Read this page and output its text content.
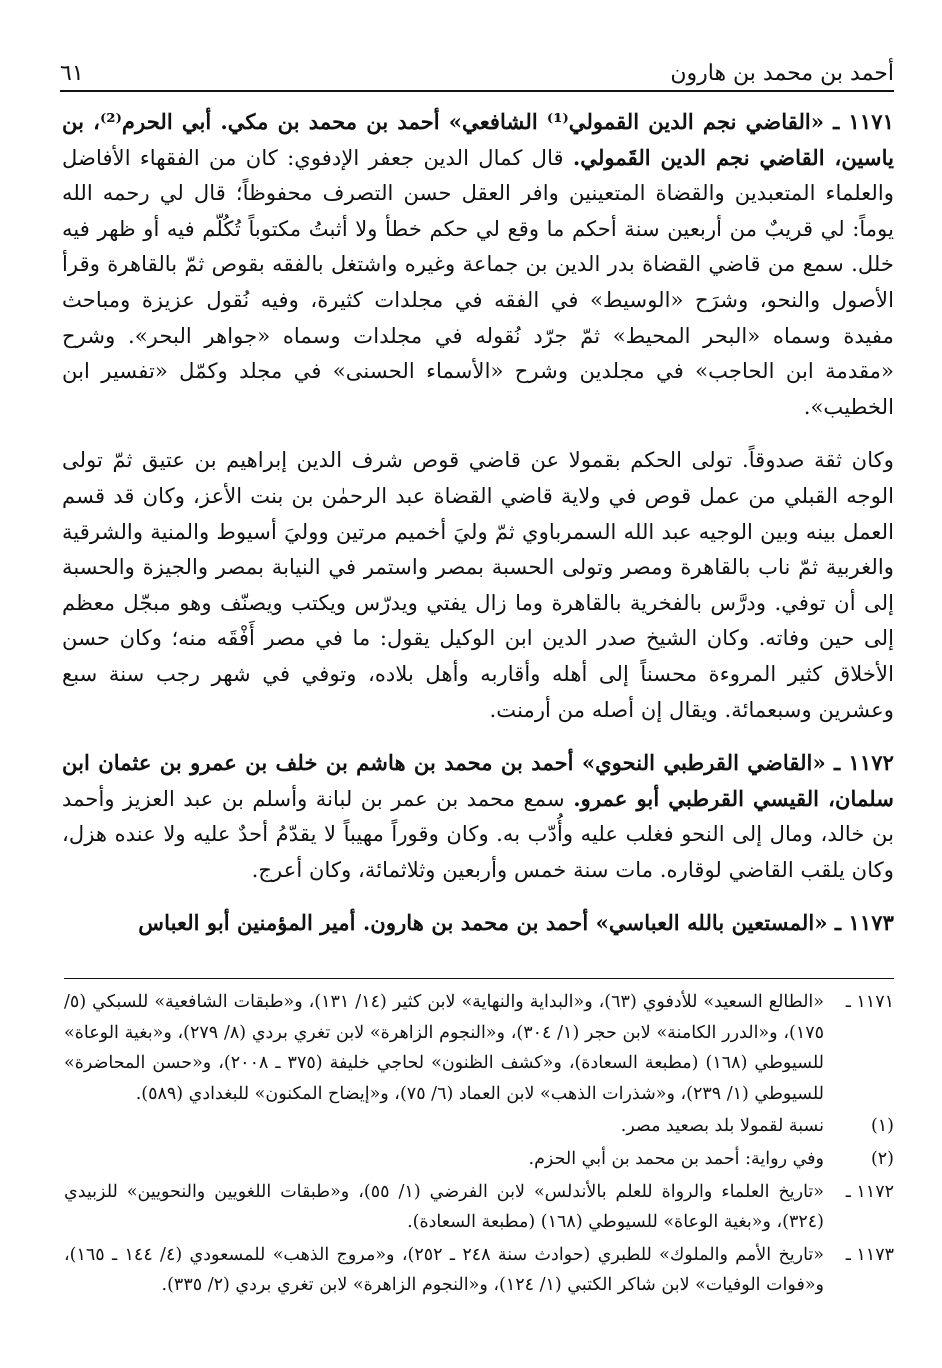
أحمد بن محمد بن هارون
٦١

١١٧١ ـ «القاضي نجم الدين القمولي⁽¹⁾ الشافعي» أحمد بن محمد بن مكي. أبي الحرم⁽²⁾، بن ياسين، القاضي نجم الدين القَمولي. قال كمال الدين جعفر الإدفوي: كان من الفقهاء الأفاضل والعلماء المتعبدين والقضاة المتعينين وافر العقل حسن التصرف محفوظاً؛ قال لي رحمه الله يوماً: لي قريبٌ من أربعين سنة أحكم ما وقع لي حكم خطأ ولا أثبتُ مكتوباً تُكُلّم فيه أو ظهر فيه خلل. سمع من قاضي القضاة بدر الدين بن جماعة وغيره واشتغل بالفقه بقوص ثمّ بالقاهرة وقرأ الأصول والنحو، وشرَح «الوسيط» في الفقه في مجلدات كثيرة، وفيه نُقول عزيزة ومباحث مفيدة وسماه «البحر المحيط» ثمّ جرّد نُقوله في مجلدات وسماه «جواهر البحر». وشرح «مقدمة ابن الحاجب» في مجلدين وشرح «الأسماء الحسنى» في مجلد وكمّل «تفسير ابن الخطيب».

وكان ثقة صدوقاً. تولى الحكم بقمولا عن قاضي قوص شرف الدين إبراهيم بن عتيق ثمّ تولى الوجه القبلي من عمل قوص في ولاية قاضي القضاة عبد الرحمٰن بن بنت الأعز، وكان قد قسم العمل بينه وبين الوجيه عبد الله السمرباوي ثمّ وليَ أخميم مرتين ووليَ أسيوط والمنية والشرقية والغربية ثمّ ناب بالقاهرة ومصر وتولى الحسبة بمصر واستمر في النيابة بمصر والجيزة والحسبة إلى أن توفي. ودرَّس بالفخرية بالقاهرة وما زال يفتي ويدرّس ويكتب ويصنّف وهو مبجّل معظم إلى حين وفاته. وكان الشيخ صدر الدين ابن الوكيل يقول: ما في مصر أَفْقَه منه؛ وكان حسن الأخلاق كثير المروءة محسناً إلى أهله وأقاربه وأهل بلاده، وتوفي في شهر رجب سنة سبع وعشرين وسبعمائة. ويقال إن أصله من أرمنت.

١١٧٢ ـ «القاضي القرطبي النحوي» أحمد بن محمد بن هاشم بن خلف بن عمرو بن عثمان ابن سلمان، القيسي القرطبي أبو عمرو. سمع محمد بن عمر بن لبانة وأسلم بن عبد العزيز وأحمد بن خالد، ومال إلى النحو فغلب عليه وأُدّب به. وكان وقوراً مهيباً لا يقدّمُ أحدٌ عليه ولا عنده هزل، وكان يلقب القاضي لوقاره. مات سنة خمس وأربعين وثلاثمائة، وكان أعرج.

١١٧٣ ـ «المستعين بالله العباسي» أحمد بن محمد بن هارون. أمير المؤمنين أبو العباس

١١٧١ ـ
«الطالع السعيد» للأدفوي (٦٣)، و«البداية والنهاية» لابن كثير (١٤/ ١٣١)، و«طبقات الشافعية» للسبكي (٥/ ١٧٥)، و«الدرر الكامنة» لابن حجر (١/ ٣٠٤)، و«النجوم الزاهرة» لابن تغري بردي (٨/ ٢٧٩)، و«بغية الوعاة» للسيوطي (١٦٨) (مطبعة السعادة)، و«كشف الظنون» لحاجي خليفة (٣٧٥ ـ ٢٠٠٨)، و«حسن المحاضرة» للسيوطي (١/ ٢٣٩)، و«شذرات الذهب» لابن العماد (٦/ ٧٥)، و«إيضاح المكنون» للبغدادي (٥٨٩).
(١)
نسبة لقمولا بلد بصعيد مصر.
(٢)
وفي رواية: أحمد بن محمد بن أبي الحزم.
١١٧٢ ـ
«تاريخ العلماء والرواة للعلم بالأندلس» لابن الفرضي (١/ ٥٥)، و«طبقات اللغويين والنحويين» للزبيدي (٣٢٤)، و«بغية الوعاة» للسيوطي (١٦٨) (مطبعة السعادة).
١١٧٣ ـ
«تاريخ الأمم والملوك» للطبري (حوادث سنة ٢٤٨ ـ ٢٥٢)، و«مروج الذهب» للمسعودي (٤/ ١٤٤ ـ ١٦٥)، و«فوات الوفيات» لابن شاكر الكتبي (١/ ١٢٤)، و«النجوم الزاهرة» لابن تغري بردي (٢/ ٣٣٥).
